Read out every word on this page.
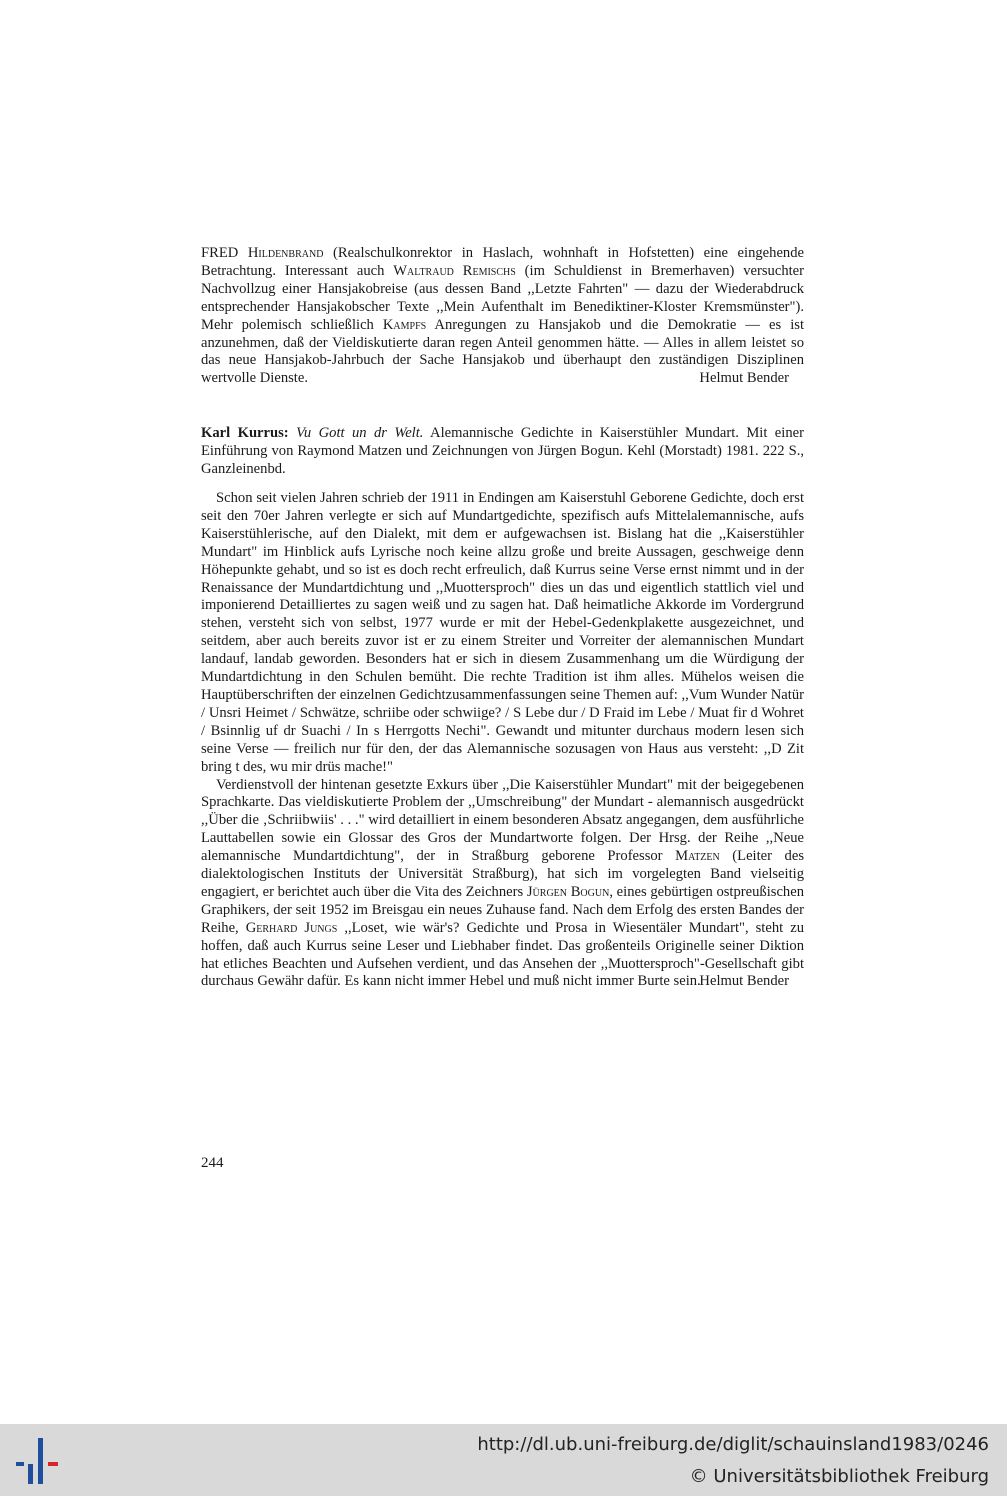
FRED Hildenbrand (Realschulkonrektor in Haslach, wohnhaft in Hofstetten) eine eingehende Betrachtung. Interessant auch Waltraud Remischs (im Schuldienst in Bremerhaven) versuchter Nachvollzug einer Hansjakobreise (aus dessen Band ,,Letzte Fahrten" — dazu der Wiederabdruck entsprechender Hansjakobscher Texte ,,Mein Aufenthalt im Benediktiner-Kloster Kremsmünster"). Mehr polemisch schließlich Kampfs Anregungen zu Hansjakob und die Demokratie — es ist anzunehmen, daß der Vieldiskutierte daran regen Anteil genommen hätte. — Alles in allem leistet so das neue Hansjakob-Jahrbuch der Sache Hansjakob und überhaupt den zuständigen Disziplinen wertvolle Dienste.	Helmut Bender

Karl Kurrus: Vu Gott un dr Welt. Alemannische Gedichte in Kaiserstühler Mundart. Mit einer Einführung von Raymond Matzen und Zeichnungen von Jürgen Bogun. Kehl (Morstadt) 1981. 222 S., Ganzleinenbd.

Schon seit vielen Jahren schrieb der 1911 in Endingen am Kaiserstuhl Geborene Gedichte, doch erst seit den 70er Jahren verlegte er sich auf Mundartgedichte, spezifisch aufs Mittelalemannische, aufs Kaiserstühlerische, auf den Dialekt, mit dem er aufgewachsen ist. Bislang hat die ,,Kaiserstühler Mundart" im Hinblick aufs Lyrische noch keine allzu große und breite Aussagen, geschweige denn Höhepunkte gehabt, und so ist es doch recht erfreulich, daß Kurrus seine Verse ernst nimmt und in der Renaissance der Mundartdichtung und ,,Muottersproch" dies un das und eigentlich stattlich viel und imponierend Detailliertes zu sagen weiß und zu sagen hat. Daß heimatliche Akkorde im Vordergrund stehen, versteht sich von selbst, 1977 wurde er mit der Hebel-Gedenkplakette ausgezeichnet, und seitdem, aber auch bereits zuvor ist er zu einem Streiter und Vorreiter der alemannischen Mundart landauf, landab geworden. Besonders hat er sich in diesem Zusammenhang um die Würdigung der Mundartdichtung in den Schulen bemüht. Die rechte Tradition ist ihm alles. Mühelos weisen die Hauptüberschriften der einzelnen Gedichtzusammenfassungen seine Themen auf: ,,Vum Wunder Natür / Unsri Heimet / Schwätze, schriibe oder schwiige? / S Lebe dur / D Fraid im Lebe / Muat fir d Wohret / Bsinnlig uf dr Suachi / In s Herrgotts Nechi". Gewandt und mitunter durchaus modern lesen sich seine Verse — freilich nur für den, der das Alemannische sozusagen von Haus aus versteht: ,,D Zit bring t des, wu mir drüs mache!"

Verdienstvoll der hintenan gesetzte Exkurs über ,,Die Kaiserstühler Mundart" mit der beigegebenen Sprachkarte. Das vieldiskutierte Problem der ,,Umschreibung" der Mundart - alemannisch ausgedrückt ,,Über die ‚Schriibwiis' . . ." wird detailliert in einem besonderen Absatz angegangen, dem ausführliche Lauttabellen sowie ein Glossar des Gros der Mundartworte folgen. Der Hrsg. der Reihe ,,Neue alemannische Mundartdichtung", der in Straßburg geborene Professor Matzen (Leiter des dialektologischen Instituts der Universität Straßburg), hat sich im vorgelegten Band vielseitig engagiert, er berichtet auch über die Vita des Zeichners Jürgen Bogun, eines gebürtigen ostpreußischen Graphikers, der seit 1952 im Breisgau ein neues Zuhause fand. Nach dem Erfolg des ersten Bandes der Reihe, Gerhard Jungs ,,Loset, wie wär's? Gedichte und Prosa in Wiesentäler Mundart", steht zu hoffen, daß auch Kurrus seine Leser und Liebhaber findet. Das großenteils Originelle seiner Diktion hat etliches Beachten und Aufsehen verdient, und das Ansehen der ,,Muottersproch"-Gesellschaft gibt durchaus Gewähr dafür. Es kann nicht immer Hebel und muß nicht immer Burte sein.
Helmut Bender

244
http://dl.ub.uni-freiburg.de/diglit/schauinsland1983/0246
© Universitätsbibliothek Freiburg
